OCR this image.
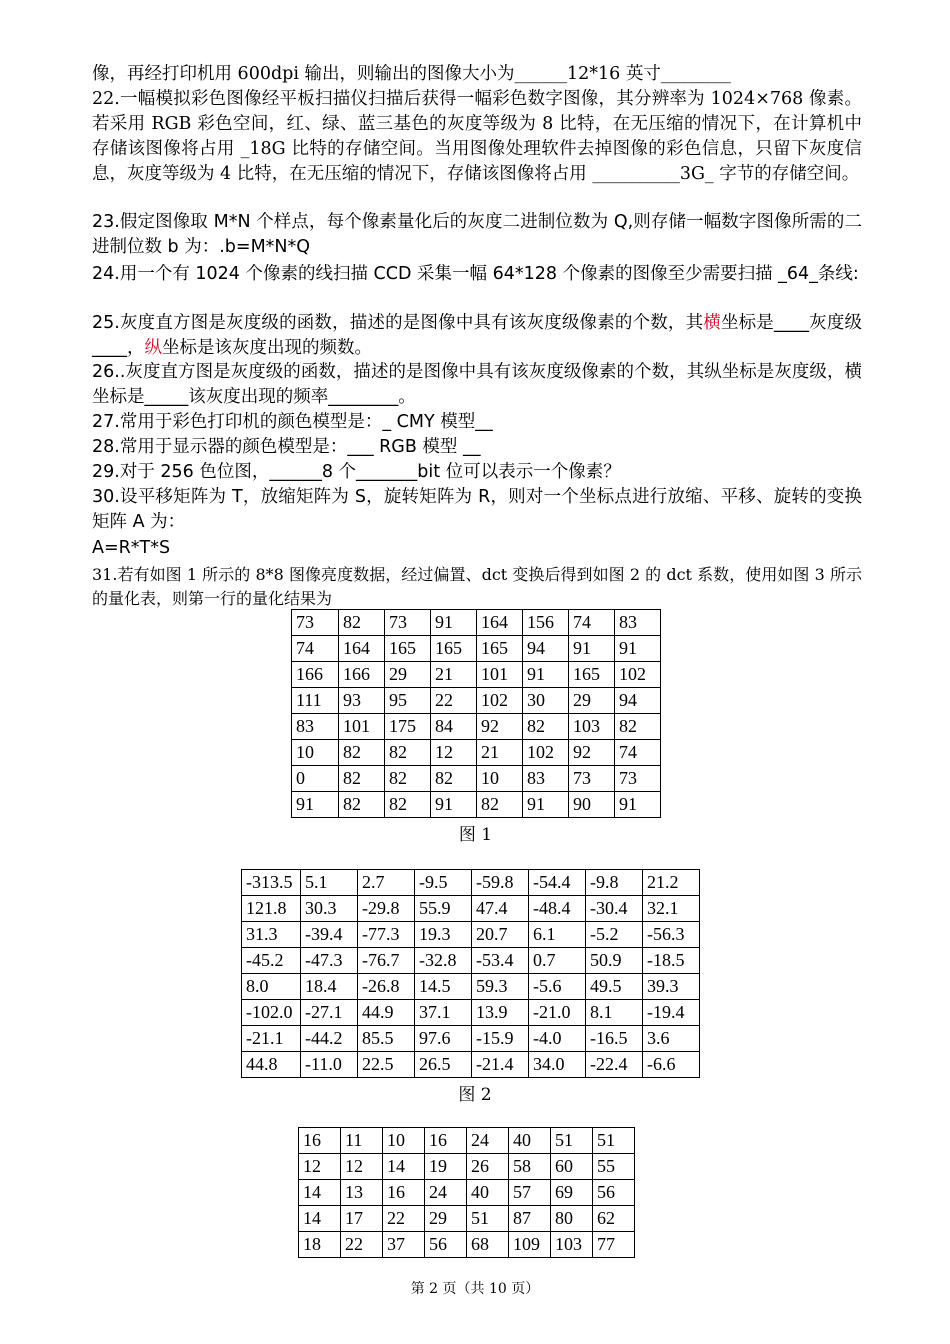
像，再经打印机用 600dpi 输出，则输出的图像大小为______12*16 英寸________
22.一幅模拟彩色图像经平板扫描仪扫描后获得一幅彩色数字图像，其分辨率为 1024×768 像素。若采用 RGB 彩色空间，红、绿、蓝三基色的灰度等级为 8 比特，在无压缩的情况下，在计算机中存储该图像将占用 _18G 比特的存储空间。当用图像处理软件去掉图像的彩色信息，只留下灰度信息，灰度等级为 4 比特，在无压缩的情况下，存储该图像将占用 __________3G_ 字节的存储空间。
23.假定图像取 M*N 个样点，每个像素量化后的灰度二进制位数为 Q,则存储一幅数字图像所需的二进制位数 b 为：.b=M*N*Q
24.用一个有 1024 个像素的线扫描 CCD 采集一幅 64*128 个像素的图像至少需要扫描 _64_条线:
25.灰度直方图是灰度级的函数，描述的是图像中具有该灰度级像素的个数，其横坐标是____灰度级____，纵坐标是该灰度出现的频数。
26..灰度直方图是灰度级的函数，描述的是图像中具有该灰度级像素的个数，其纵坐标是灰度级，横坐标是_____该灰度出现的频率________。
27.常用于彩色打印机的颜色模型是：_ CMY 模型__
28.常用于显示器的颜色模型是：___ RGB 模型 __
29.对于 256 色位图，______8 个_______bit 位可以表示一个像素？
30.设平移矩阵为 T，放缩矩阵为 S，旋转矩阵为 R，则对一个坐标点进行放缩、平移、旋转的变换矩阵 A 为：
A=R*T*S
31.若有如图 1 所示的 8*8 图像亮度数据，经过偏置、dct 变换后得到如图 2 的 dct 系数，使用如图 3 所示的量化表，则第一行的量化结果为
73	82	73	91	164	156	74	83
74	164	165	165	165	94	91	91
166	166	29	21	101	91	165	102
111	93	95	22	102	30	29	94
83	101	175	84	92	82	103	82
10	82	82	12	21	102	92	74
0	82	82	82	10	83	73	73
91	82	82	91	82	91	90	91
图 1
-313.5	5.1	2.7	-9.5	-59.8	-54.4	-9.8	21.2
121.8	30.3	-29.8	55.9	47.4	-48.4	-30.4	32.1
31.3	-39.4	-77.3	19.3	20.7	6.1	-5.2	-56.3
-45.2	-47.3	-76.7	-32.8	-53.4	0.7	50.9	-18.5
8.0	18.4	-26.8	14.5	59.3	-5.6	49.5	39.3
-102.0	-27.1	44.9	37.1	13.9	-21.0	8.1	-19.4
-21.1	-44.2	85.5	97.6	-15.9	-4.0	-16.5	3.6
44.8	-11.0	22.5	26.5	-21.4	34.0	-22.4	-6.6
图 2
16	11	10	16	24	40	51	51
12	12	14	19	26	58	60	55
14	13	16	24	40	57	69	56
14	17	22	29	51	87	80	62
18	22	37	56	68	109	103	77
第 2 页（共 10 页）
